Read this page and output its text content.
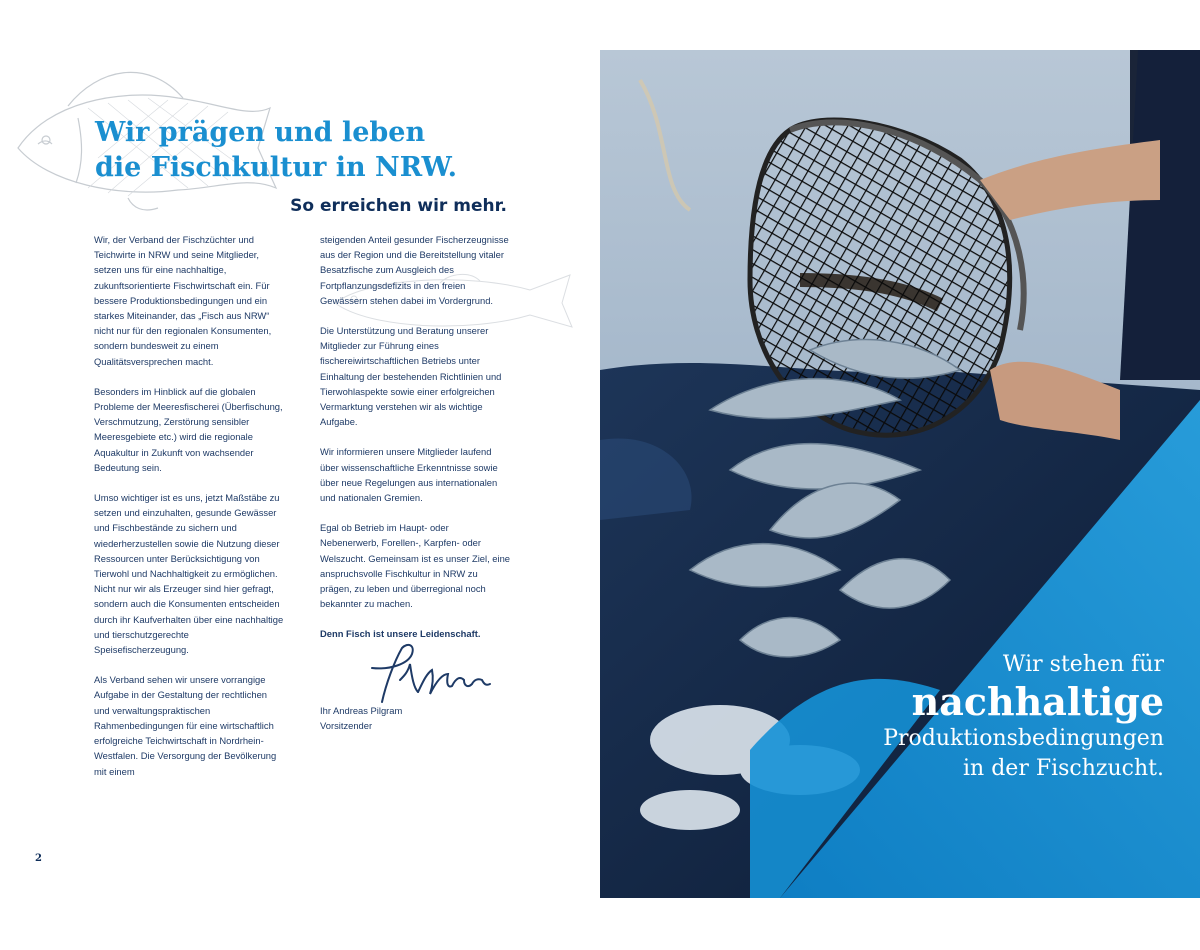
Wir prägen und leben
die Fischkultur in NRW.
So erreichen wir mehr.

Wir, der Verband der Fischzüchter und Teichwirte in NRW und seine Mitglieder, setzen uns für eine nachhaltige, zukunftsorientierte Fischwirtschaft ein. Für bessere Produktionsbedingungen und ein starkes Miteinander, das „Fisch aus NRW“ nicht nur für den regionalen Konsumenten, sondern bundesweit zu einem Qualitätsversprechen macht.

Besonders im Hinblick auf die globalen Probleme der Meeresfischerei (Überfischung, Verschmutzung, Zerstörung sensibler Meeresgebiete etc.) wird die regionale Aquakultur in Zukunft von wachsender Bedeutung sein.

Umso wichtiger ist es uns, jetzt Maßstäbe zu setzen und einzuhalten, gesunde Gewässer und Fischbestände zu sichern und wiederherzustellen sowie die Nutzung dieser Ressourcen unter Berücksichtigung von Tierwohl und Nachhaltigkeit zu ermöglichen. Nicht nur wir als Erzeuger sind hier gefragt, sondern auch die Konsumenten entscheiden durch ihr Kaufverhalten über eine nachhaltige und tierschutzgerechte Speisefischerzeugung.

Als Verband sehen wir unsere vorrangige Aufgabe in der Gestaltung der rechtlichen und verwaltungspraktischen Rahmenbedingungen für eine wirtschaftlich erfolgreiche Teichwirtschaft in Nordrhein-Westfalen. Die Versorgung der Bevölkerung mit einem

steigenden Anteil gesunder Fischerzeugnisse aus der Region und die Bereitstellung vitaler Besatzfische zum Ausgleich des Fortpflanzungsdefizits in den freien Gewässern stehen dabei im Vordergrund.

Die Unterstützung und Beratung unserer Mitglieder zur Führung eines fischereiwirtschaftlichen Betriebs unter Einhaltung der bestehenden Richtlinien und Tierwohlaspekte sowie einer erfolgreichen Vermarktung verstehen wir als wichtige Aufgabe.

Wir informieren unsere Mitglieder laufend über wissenschaftliche Erkenntnisse sowie über neue Regelungen aus internationalen und nationalen Gremien.

Egal ob Betrieb im Haupt- oder Nebenerwerb, Forellen-, Karpfen- oder Welszucht. Gemeinsam ist es unser Ziel, eine anspruchsvolle Fischkultur in NRW zu prägen, zu leben und überregional noch bekannter zu machen.

Denn Fisch ist unsere Leidenschaft.

Ihr Andreas Pilgram
Vorsitzender
2

Wir stehen für
nachhaltige
Produktionsbedingungen
in der Fischzucht.
